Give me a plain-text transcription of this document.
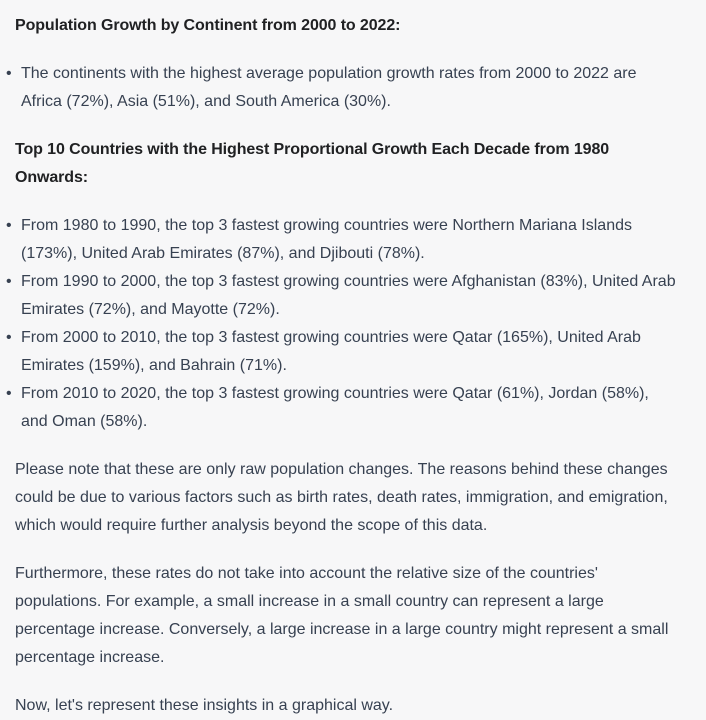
Population Growth by Continent from 2000 to 2022:

• The continents with the highest average population growth rates from 2000 to 2022 are Africa (72%), Asia (51%), and South America (30%).

Top 10 Countries with the Highest Proportional Growth Each Decade from 1980 Onwards:

• From 1980 to 1990, the top 3 fastest growing countries were Northern Mariana Islands (173%), United Arab Emirates (87%), and Djibouti (78%).
• From 1990 to 2000, the top 3 fastest growing countries were Afghanistan (83%), United Arab Emirates (72%), and Mayotte (72%).
• From 2000 to 2010, the top 3 fastest growing countries were Qatar (165%), United Arab Emirates (159%), and Bahrain (71%).
• From 2010 to 2020, the top 3 fastest growing countries were Qatar (61%), Jordan (58%), and Oman (58%).

Please note that these are only raw population changes. The reasons behind these changes could be due to various factors such as birth rates, death rates, immigration, and emigration, which would require further analysis beyond the scope of this data.

Furthermore, these rates do not take into account the relative size of the countries' populations. For example, a small increase in a small country can represent a large percentage increase. Conversely, a large increase in a large country might represent a small percentage increase.

Now, let's represent these insights in a graphical way.
